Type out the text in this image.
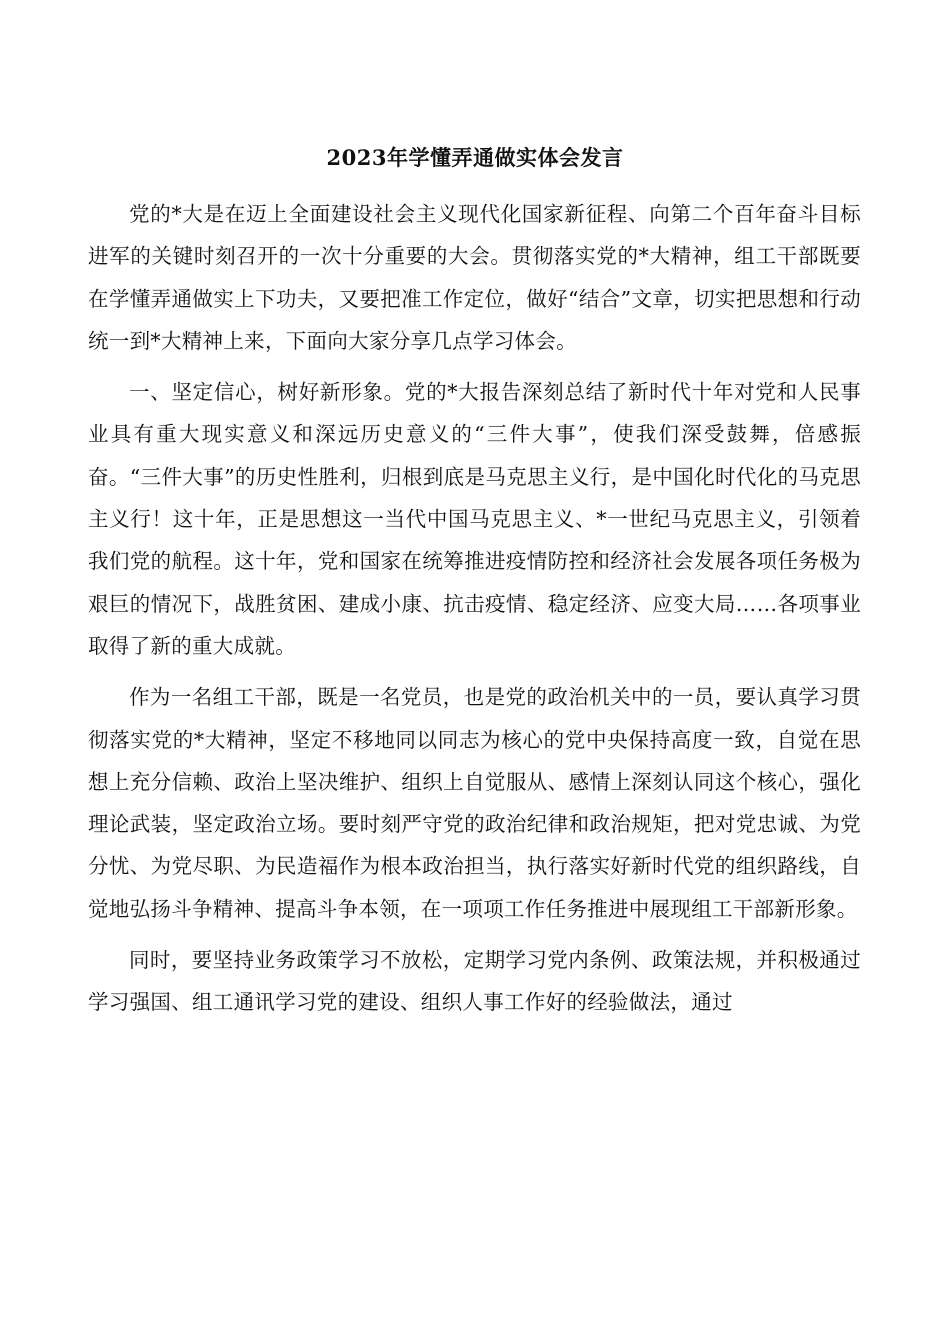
2023年学懂弄通做实体会发言

党的*大是在迈上全面建设社会主义现代化国家新征程、向第二个百年奋斗目标进军的关键时刻召开的一次十分重要的大会。贯彻落实党的*大精神，组工干部既要在学懂弄通做实上下功夫，又要把准工作定位，做好“结合”文章，切实把思想和行动统一到*大精神上来，下面向大家分享几点学习体会。

一、坚定信心，树好新形象。党的*大报告深刻总结了新时代十年对党和人民事业具有重大现实意义和深远历史意义的“三件大事”，使我们深受鼓舞，倍感振奋。“三件大事”的历史性胜利，归根到底是马克思主义行，是中国化时代化的马克思主义行！这十年，正是思想这一当代中国马克思主义、*一世纪马克思主义，引领着我们党的航程。这十年，党和国家在统筹推进疫情防控和经济社会发展各项任务极为艰巨的情况下，战胜贫困、建成小康、抗击疫情、稳定经济、应变大局……各项事业取得了新的重大成就。

作为一名组工干部，既是一名党员，也是党的政治机关中的一员，要认真学习贯彻落实党的*大精神，坚定不移地同以同志为核心的党中央保持高度一致，自觉在思想上充分信赖、政治上坚决维护、组织上自觉服从、感情上深刻认同这个核心，强化理论武装，坚定政治立场。要时刻严守党的政治纪律和政治规矩，把对党忠诚、为党分忧、为党尽职、为民造福作为根本政治担当，执行落实好新时代党的组织路线，自觉地弘扬斗争精神、提高斗争本领，在一项项工作任务推进中展现组工干部新形象。

同时，要坚持业务政策学习不放松，定期学习党内条例、政策法规，并积极通过学习强国、组工通讯学习党的建设、组织人事工作好的经验做法，通过
